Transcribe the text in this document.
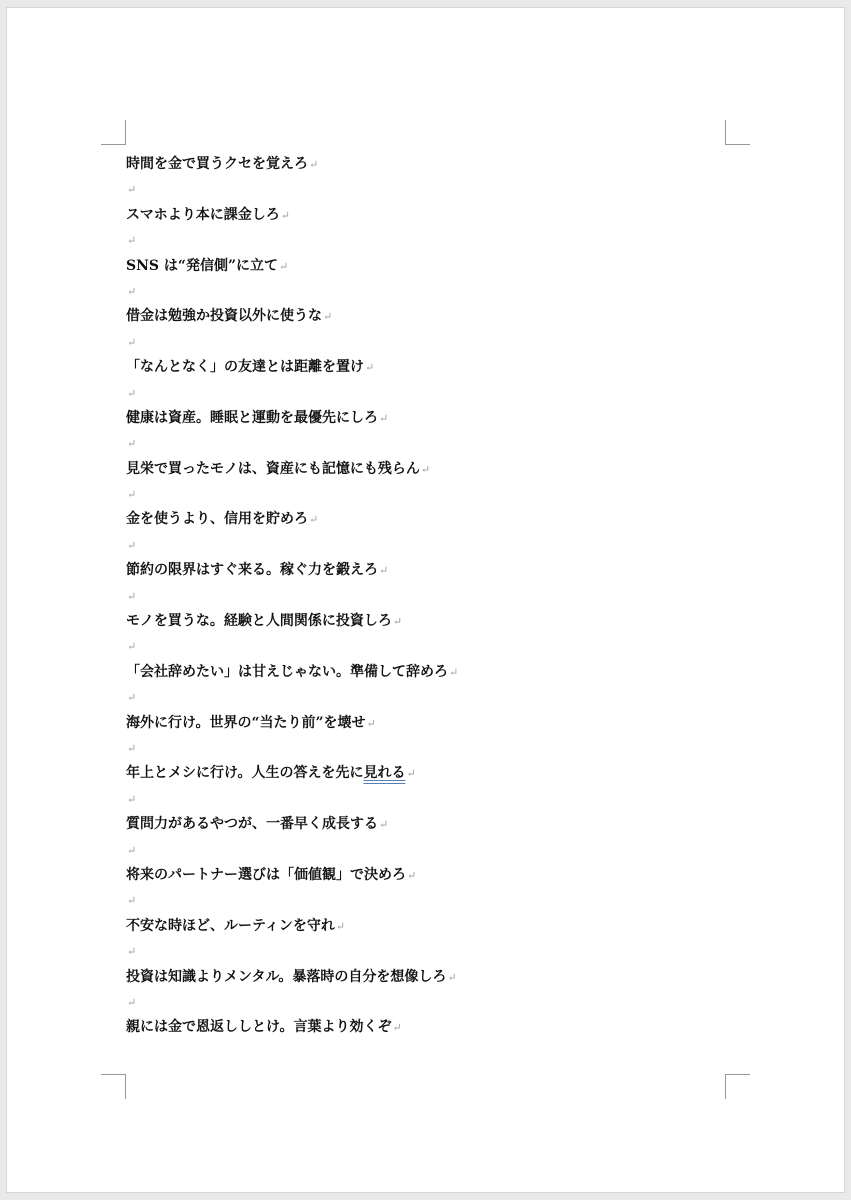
時間を金で買うクセを覚えろ↵
↵
スマホより本に課金しろ↵
↵
SNS は“発信側”に立て↵
↵
借金は勉強か投資以外に使うな↵
↵
「なんとなく」の友達とは距離を置け↵
↵
健康は資産。睡眠と運動を最優先にしろ↵
↵
見栄で買ったモノは、資産にも記憶にも残らん↵
↵
金を使うより、信用を貯めろ↵
↵
節約の限界はすぐ来る。稼ぐ力を鍛えろ↵
↵
モノを買うな。経験と人間関係に投資しろ↵
↵
「会社辞めたい」は甘えじゃない。準備して辞めろ↵
↵
海外に行け。世界の“当たり前”を壊せ↵
↵
年上とメシに行け。人生の答えを先に見れる↵
↵
質問力があるやつが、一番早く成長する↵
↵
将来のパートナー選びは「価値観」で決めろ↵
↵
不安な時ほど、ルーティンを守れ↵
↵
投資は知識よりメンタル。暴落時の自分を想像しろ↵
↵
親には金で恩返ししとけ。言葉より効くぞ↵
